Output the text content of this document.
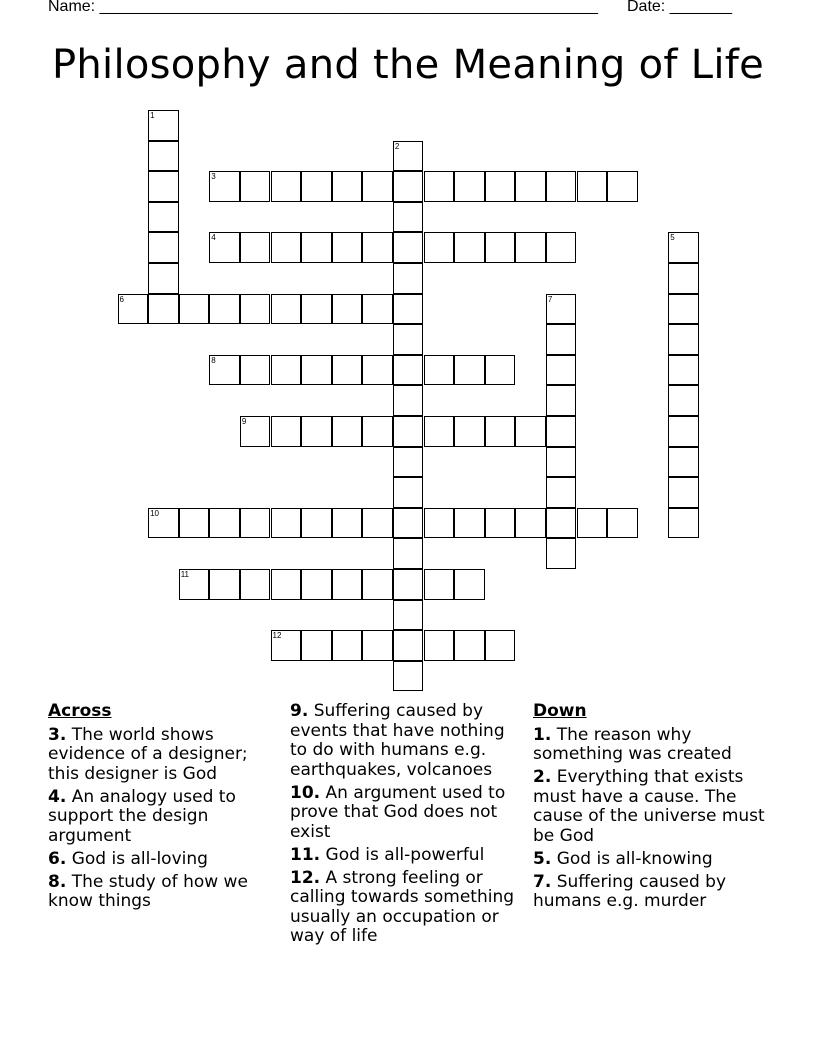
Name: ________________________________________________________

Date: _______

Philosophy and the Meaning of Life
1
2
3
4	5
6	7
8
9
10
11
12
Across
3. The world shows evidence of a designer; this designer is God
4. An analogy used to support the design argument
6. God is all-loving
8. The study of how we know things
9. Suffering caused by events that have nothing to do with humans e.g. earthquakes, volcanoes
10. An argument used to prove that God does not exist
11. God is all-powerful
12. A strong feeling or calling towards something usually an occupation or way of life
Down
1. The reason why something was created
2. Everything that exists must have a cause. The cause of the universe must be God
5. God is all-knowing
7. Suffering caused by humans e.g. murder
